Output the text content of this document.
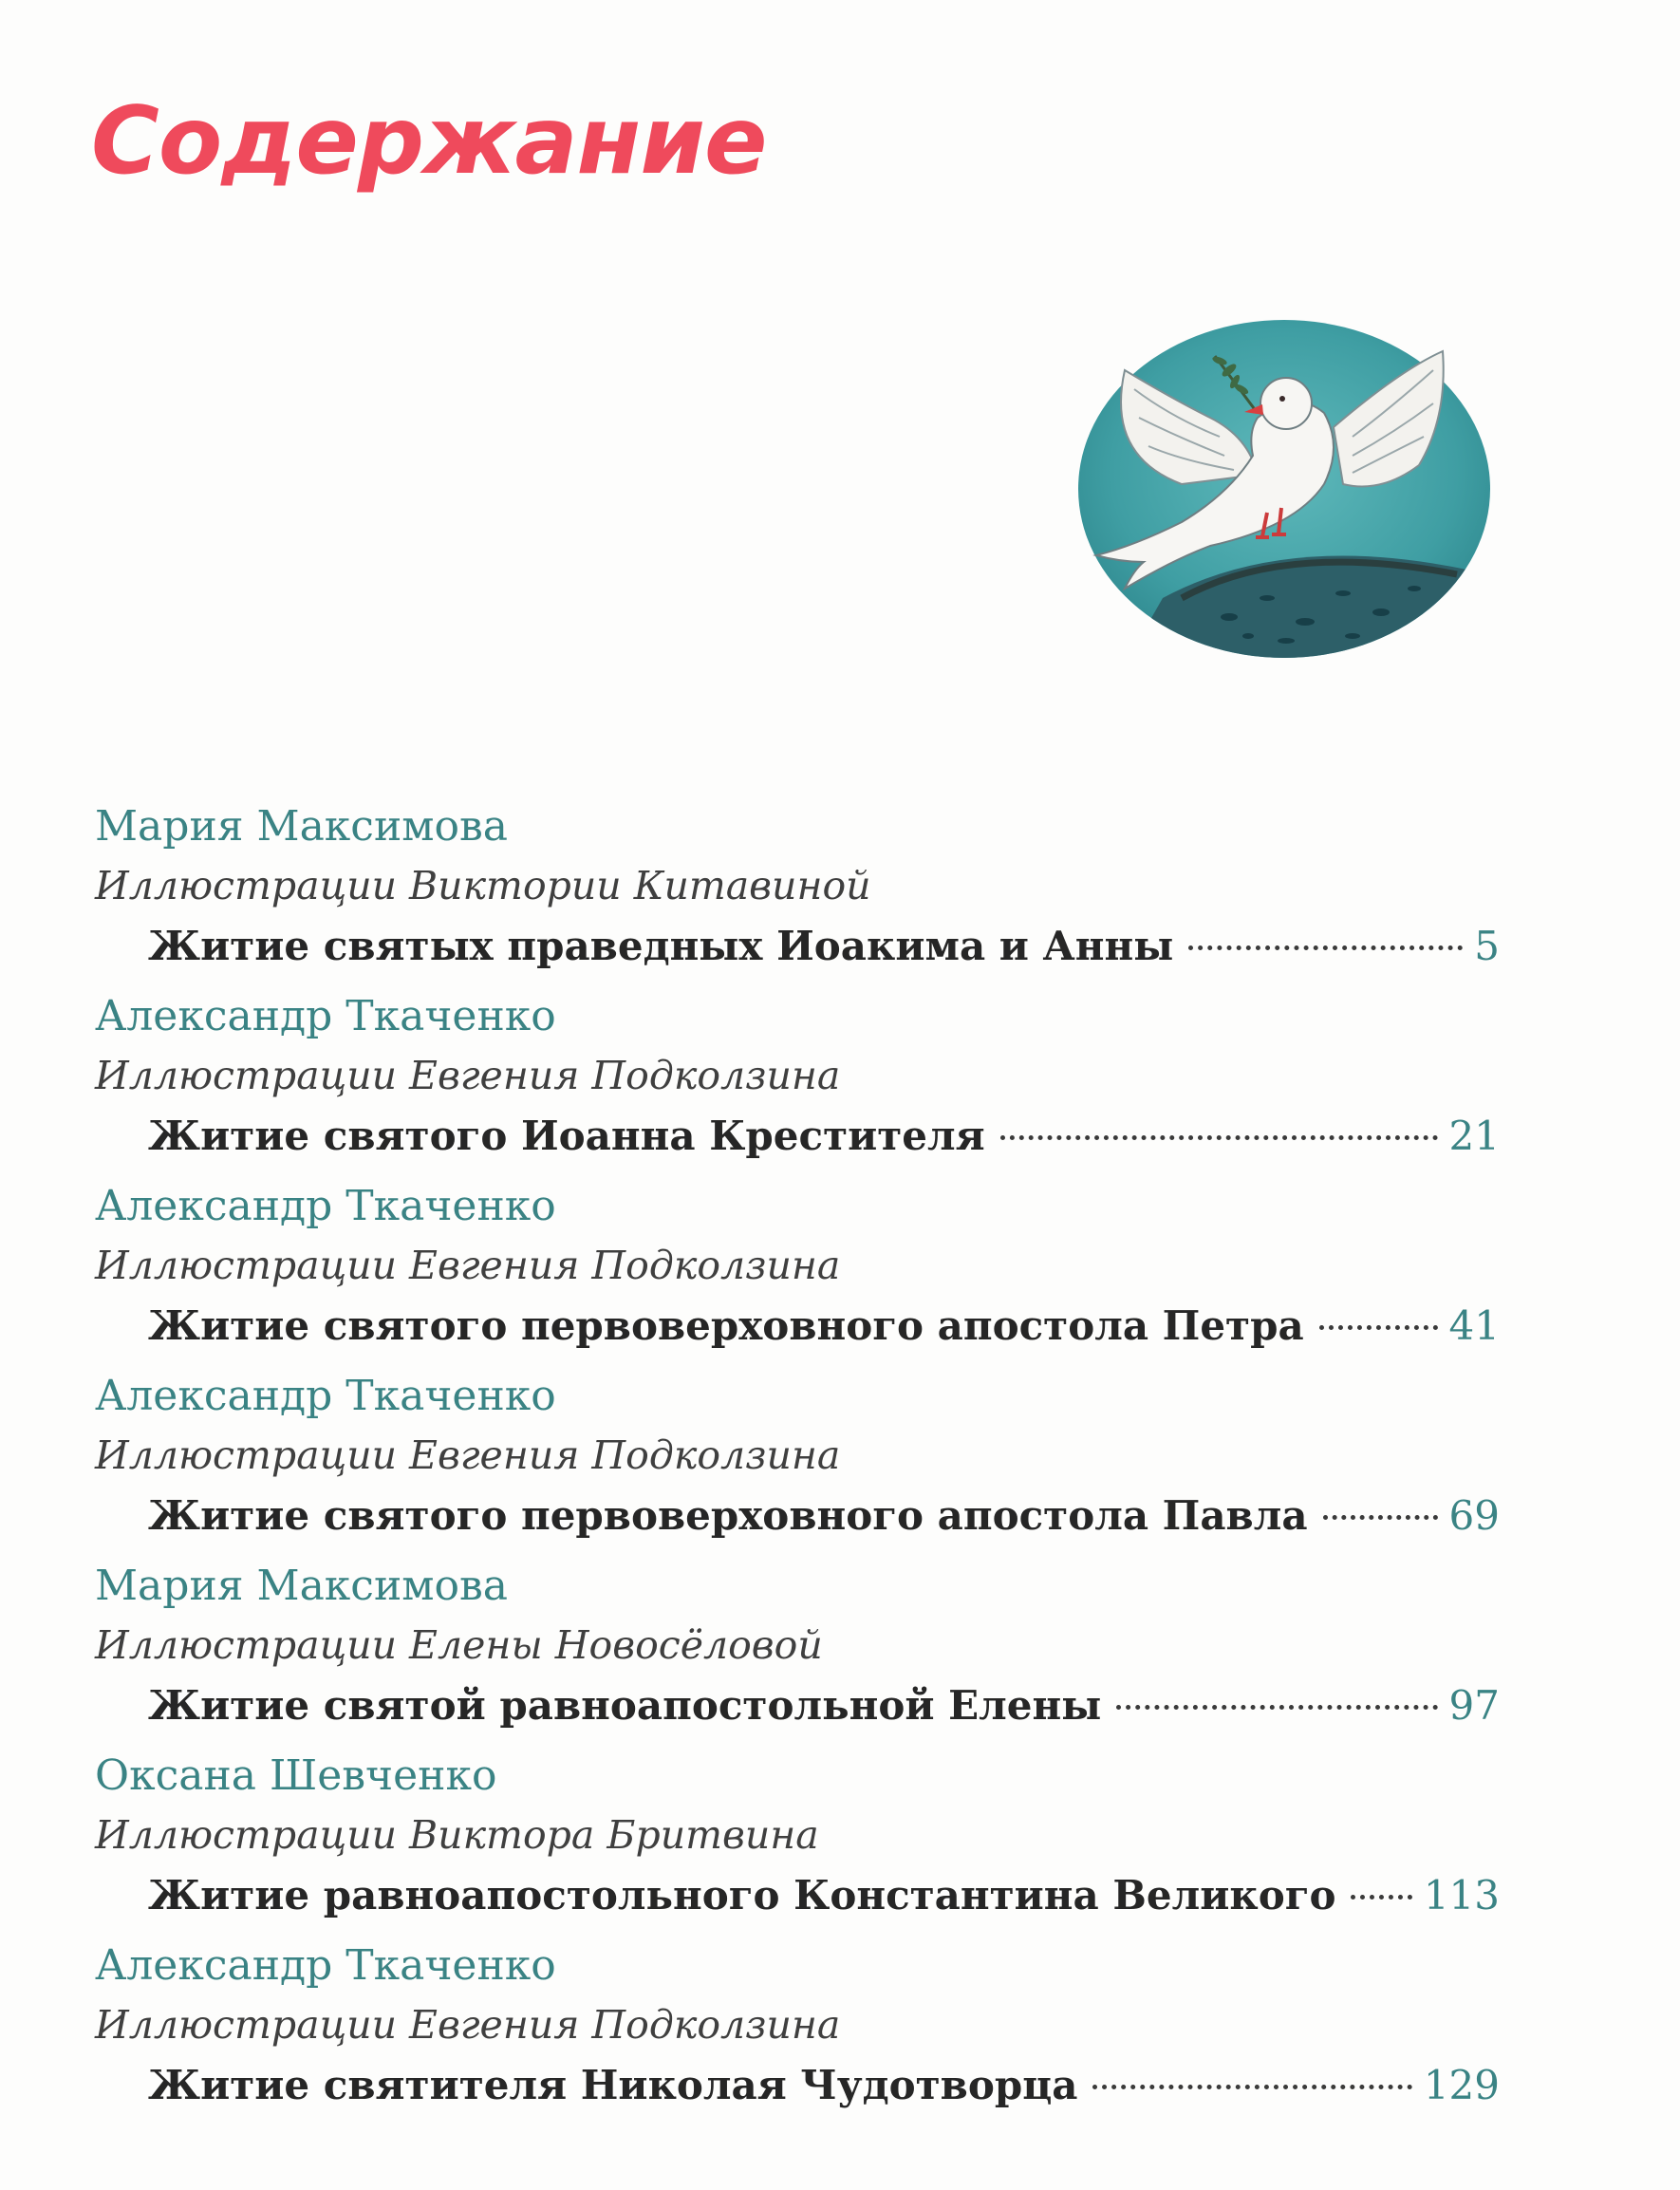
Содержание
Мария Максимова
Иллюстрации Виктории Китавиной
Житие святых праведных Иоакима и Анны	5
Александр Ткаченко
Иллюстрации Евгения Подколзина
Житие святого Иоанна Крестителя	21
Александр Ткаченко
Иллюстрации Евгения Подколзина
Житие святого первоверховного апостола Петра	41
Александр Ткаченко
Иллюстрации Евгения Подколзина
Житие святого первоверховного апостола Павла	69
Мария Максимова
Иллюстрации Елены Новосёловой
Житие святой равноапостольной Елены	97
Оксана Шевченко
Иллюстрации Виктора Бритвина
Житие равноапостольного Константина Великого 113
Александр Ткаченко
Иллюстрации Евгения Подколзина
Житие святителя Николая Чудотворца	129
